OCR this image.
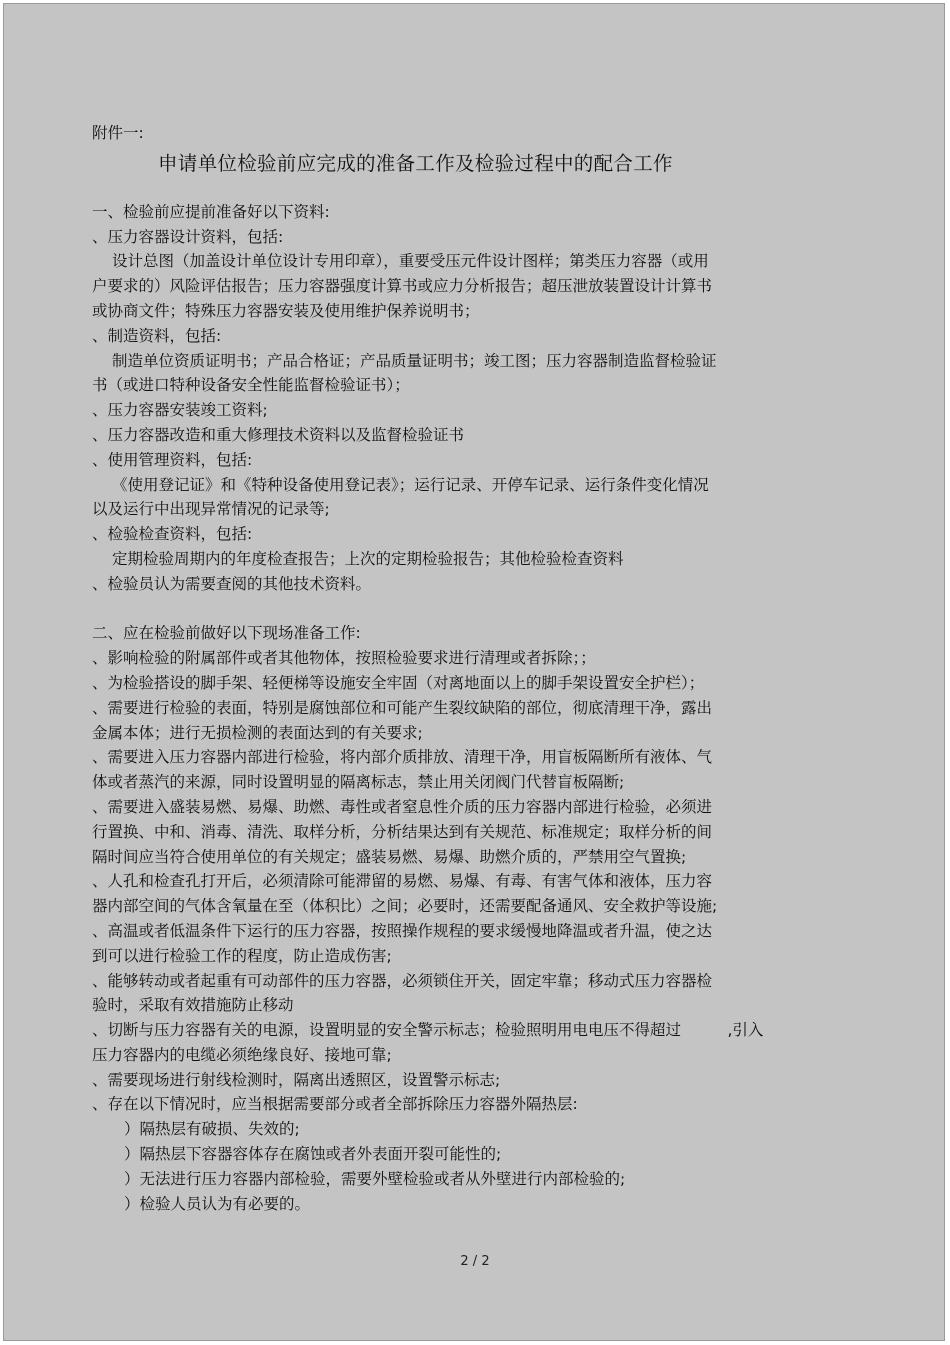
附件一:
申请单位检验前应完成的准备工作及检验过程中的配合工作
一、检验前应提前准备好以下资料:
、压力容器设计资料，包括:
设计总图（加盖设计单位设计专用印章），重要受压元件设计图样；第类压力容器（或用
户要求的）风险评估报告；压力容器强度计算书或应力分析报告；超压泄放装置设计计算书
或协商文件；特殊压力容器安装及使用维护保养说明书；
、制造资料，包括:
制造单位资质证明书；产品合格证；产品质量证明书；竣工图；压力容器制造监督检验证
书（或进口特种设备安全性能监督检验证书）；
、压力容器安装竣工资料;
、压力容器改造和重大修理技术资料以及监督检验证书
、使用管理资料，包括:
《使用登记证》和《特种设备使用登记表》；运行记录、开停车记录、运行条件变化情况
以及运行中出现异常情况的记录等;
、检验检查资料，包括:
定期检验周期内的年度检查报告；上次的定期检验报告；其他检验检查资料
、检验员认为需要查阅的其他技术资料。
二、应在检验前做好以下现场准备工作:
、影响检验的附属部件或者其他物体，按照检验要求进行清理或者拆除；；
、为检验搭设的脚手架、轻便梯等设施安全牢固（对离地面以上的脚手架设置安全护栏）；
、需要进行检验的表面，特别是腐蚀部位和可能产生裂纹缺陷的部位，彻底清理干净，露出
金属本体；进行无损检测的表面达到的有关要求;
、需要进入压力容器内部进行检验，将内部介质排放、清理干净，用盲板隔断所有液体、气
体或者蒸汽的来源，同时设置明显的隔离标志，禁止用关闭阀门代替盲板隔断;
、需要进入盛装易燃、易爆、助燃、毒性或者窒息性介质的压力容器内部进行检验，必须进
行置换、中和、消毒、清洗、取样分析，分析结果达到有关规范、标准规定；取样分析的间
隔时间应当符合使用单位的有关规定；盛装易燃、易爆、助燃介质的，严禁用空气置换;
、人孔和检查孔打开后，必须清除可能滞留的易燃、易爆、有毒、有害气体和液体，压力容
器内部空间的气体含氧量在至（体积比）之间；必要时，还需要配备通风、安全救护等设施;
、高温或者低温条件下运行的压力容器，按照操作规程的要求缓慢地降温或者升温，使之达
到可以进行检验工作的程度，防止造成伤害;
、能够转动或者起重有可动部件的压力容器，必须锁住开关，固定牢靠；移动式压力容器检
验时，采取有效措施防止移动
、切断与压力容器有关的电源，设置明显的安全警示标志；检验照明用电电压不得超过　　　,引入
压力容器内的电缆必须绝缘良好、接地可靠;
、需要现场进行射线检测时，隔离出透照区，设置警示标志;
、存在以下情况时，应当根据需要部分或者全部拆除压力容器外隔热层:
）隔热层有破损、失效的;
）隔热层下容器容体存在腐蚀或者外表面开裂可能性的;
）无法进行压力容器内部检验，需要外壁检验或者从外壁进行内部检验的;
）检验人员认为有必要的。
2 / 2
